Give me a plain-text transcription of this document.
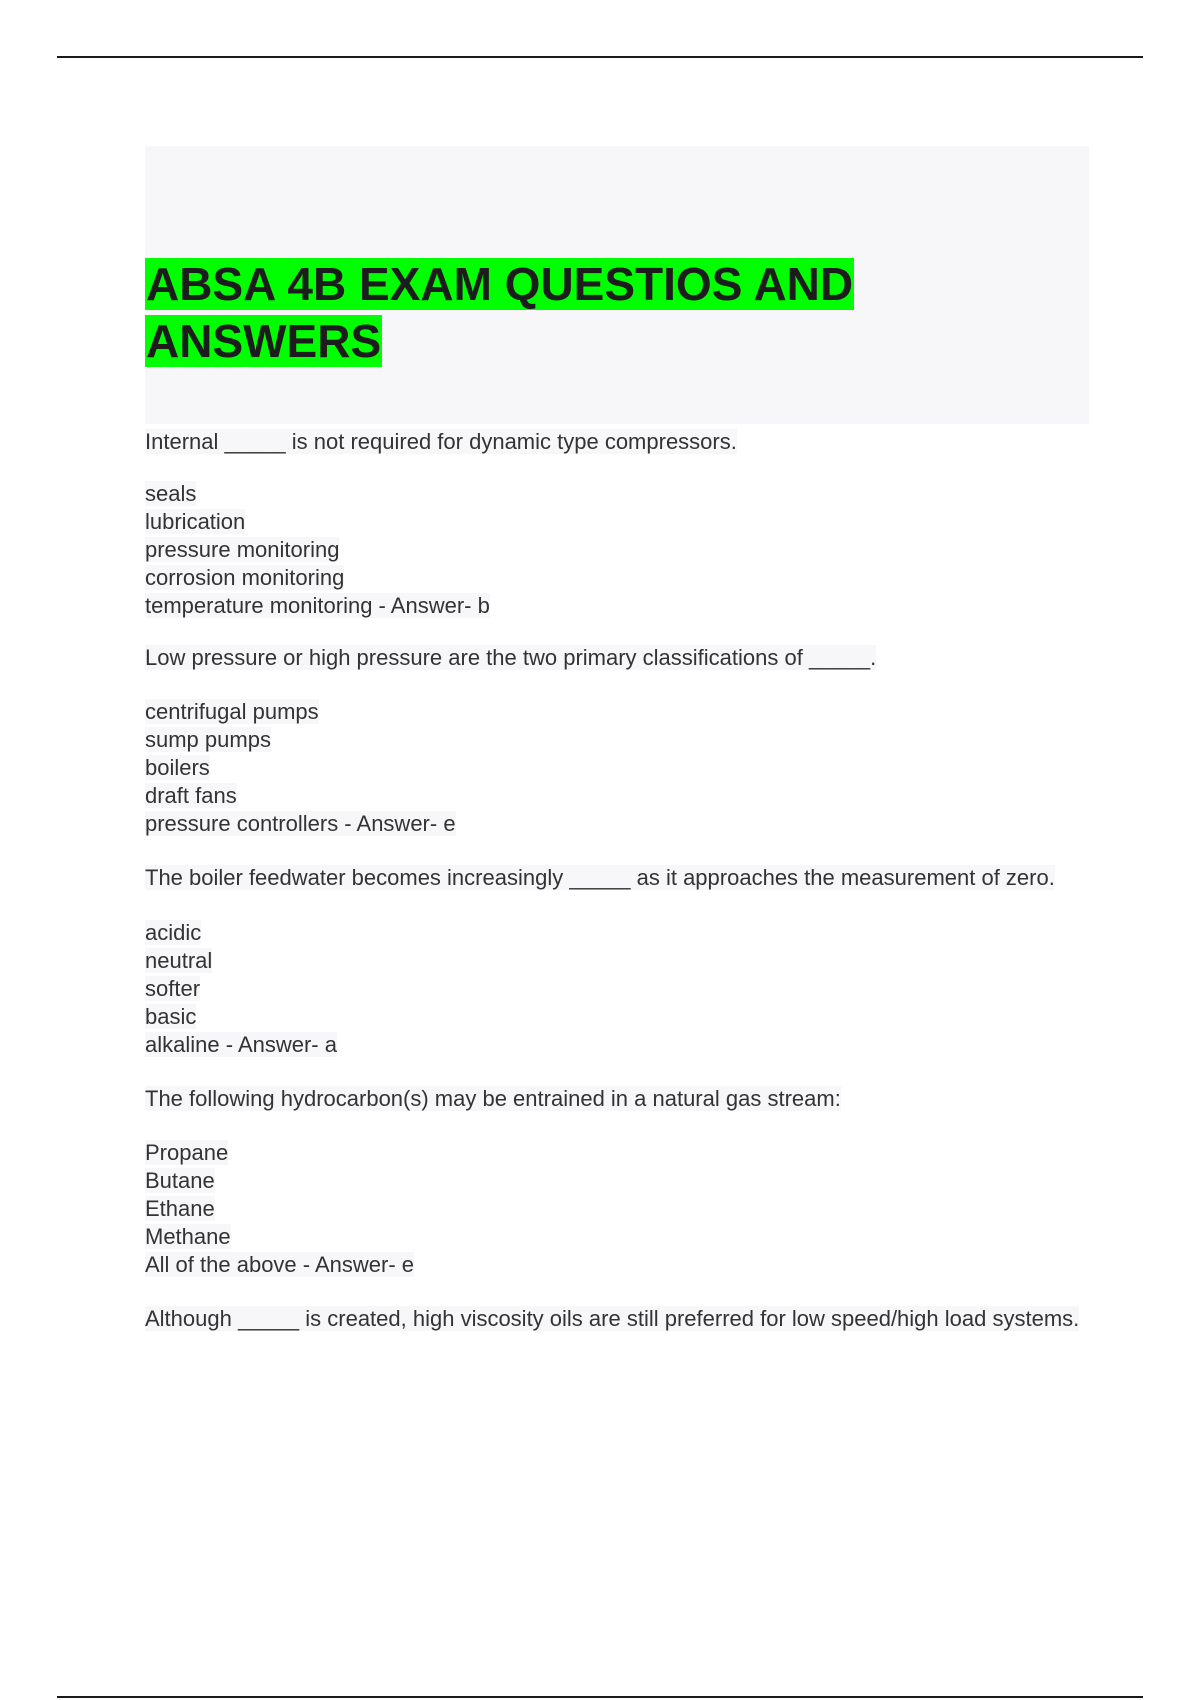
ABSA 4B EXAM QUESTIOS AND ANSWERS

Internal _____ is not required for dynamic type compressors.

seals
lubrication
pressure monitoring
corrosion monitoring
temperature monitoring - Answer- b

Low pressure or high pressure are the two primary classifications of _____.

centrifugal pumps
sump pumps
boilers
draft fans
pressure controllers - Answer- e

The boiler feedwater becomes increasingly _____ as it approaches the measurement of zero.

acidic
neutral
softer
basic
alkaline - Answer- a

The following hydrocarbon(s) may be entrained in a natural gas stream:

Propane
Butane
Ethane
Methane
All of the above - Answer- e

Although _____ is created, high viscosity oils are still preferred for low speed/high load systems.
